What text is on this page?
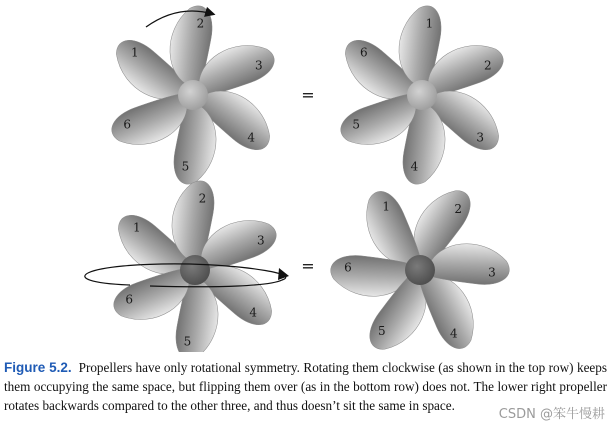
1
2
3
4
5
6
6
1
2
3
4
5
1
2
3
4
5
6
2
1
6
5	4
3
=
=
Figure 5.2. Propellers have only rotational symmetry. Rotating them clockwise (as shown in the top row) keeps them occupying the same space, but flipping them over (as in the bottom row) does not. The lower right propeller rotates backwards compared to the other three, and thus doesn’t sit the same in space.
CSDN @笨牛慢耕
